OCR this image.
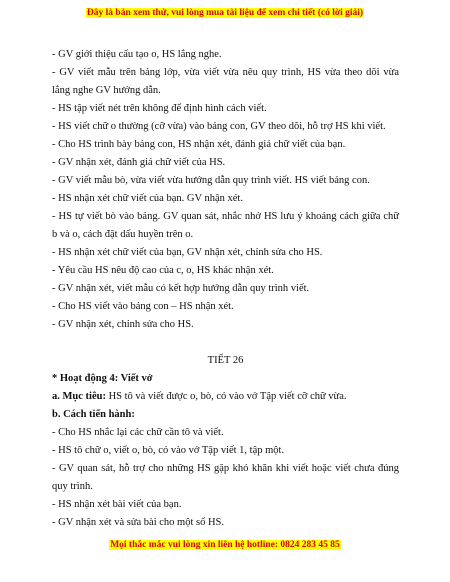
Đây là bản xem thử, vui lòng mua tài liệu để xem chi tiết (có lời giải)

- GV giới thiệu cấu tạo o, HS lắng nghe.

- GV viết mẫu trên bảng lớp, vừa viết vừa nêu quy trình, HS vừa theo dõi vừa lắng nghe GV hướng dẫn.

- HS tập viết nét trên không để định hình cách viết.

- HS viết chữ o thường (cỡ vừa) vào bảng con, GV theo dõi, hỗ trợ HS khi viết.

- Cho HS trình bày bảng con, HS nhận xét, đánh giá chữ viết của bạn.

- GV nhận xét, đánh giá chữ viết của HS.

- GV viết mẫu bò, vừa viết vừa hướng dẫn quy trình viết. HS viết bảng con.

- HS nhận xét chữ viết của bạn. GV nhận xét.

- HS tự viết bò vào bảng. GV quan sát, nhắc nhở HS lưu ý khoảng cách giữa chữ b và o, cách đặt dấu huyền trên o.

- HS nhận xét chữ viết của bạn, GV nhận xét, chỉnh sửa cho HS.

- Yêu cầu HS nêu độ cao của c, o, HS khác nhận xét.

- GV nhận xét, viết mẫu có kết hợp hướng dẫn quy trình viết.

- Cho HS viết vào bảng con – HS nhận xét.

- GV nhận xét, chỉnh sửa cho HS.

TIẾT 26

* Hoạt động 4: Viết vở

a. Mục tiêu: HS tô và viết được o, bò, có vào vở Tập viết cỡ chữ vừa.

b. Cách tiến hành:

- Cho HS nhắc lại các chữ cần tô và viết.

- HS tô chữ o, viết o, bò, có vào vở Tập viết 1, tập một.

- GV quan sát, hỗ trợ cho những HS gặp khó khăn khi viết hoặc viết chưa đúng quy trình.

- HS nhận xét bài viết của bạn.

- GV nhận xét và sửa bài cho một số HS.

Mọi thắc mắc vui lòng xin liên hệ hotline: 0824 283 45 85
